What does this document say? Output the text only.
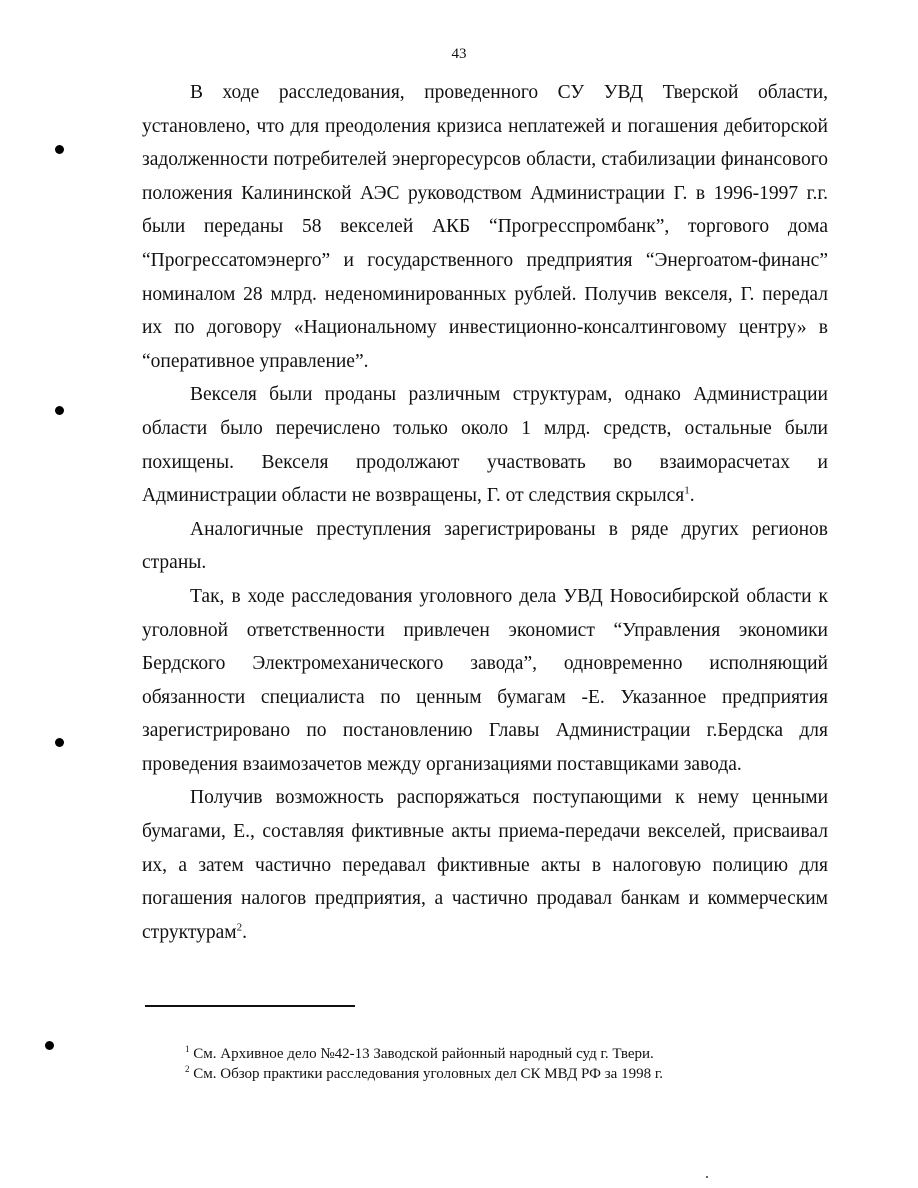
43

В ходе расследования, проведенного СУ УВД Тверской области, установлено, что для преодоления кризиса неплатежей и погашения дебиторской задолженности потребителей энергоресурсов области, стабилизации финансового положения Калининской АЭС руководством Администрации Г. в 1996-1997 г.г. были переданы 58 векселей АКБ “Прогресспромбанк”, торгового дома “Прогрессатомэнерго” и государственного предприятия “Энергоатом-финанс” номиналом 28 млрд. неденоминированных рублей. Получив векселя, Г. передал их по договору «Национальному инвестиционно-консалтинговому центру» в “оперативное управление”.

Векселя были проданы различным структурам, однако Администрации области было перечислено только около 1 млрд. средств, остальные были похищены. Векселя продолжают участвовать во взаиморасчетах и Администрации области не возвращены, Г. от следствия скрылся$^1$.

Аналогичные преступления зарегистрированы в ряде других регионов страны.

Так, в ходе расследования уголовного дела УВД Новосибирской области к уголовной ответственности привлечен экономист “Управления экономики Бердского Электромеханического завода”, одновременно исполняющий обязанности специалиста по ценным бумагам -Е. Указанное предприятия зарегистрировано по постановлению Главы Администрации г.Бердска для проведения взаимозачетов между организациями поставщиками завода.

Получив возможность распоряжаться поступающими к нему ценными бумагами, Е., составляя фиктивные акты приема-передачи векселей, присваивал их, а затем частично передавал фиктивные акты в налоговую полицию для погашения налогов предприятия, а частично продавал банкам и коммерческим структурам$^2$.

$^1$ См. Архивное дело №42-13 Заводской районный народный суд г. Твери.

$^2$ См. Обзор практики расследования уголовных дел СК МВД РФ за 1998 г.
